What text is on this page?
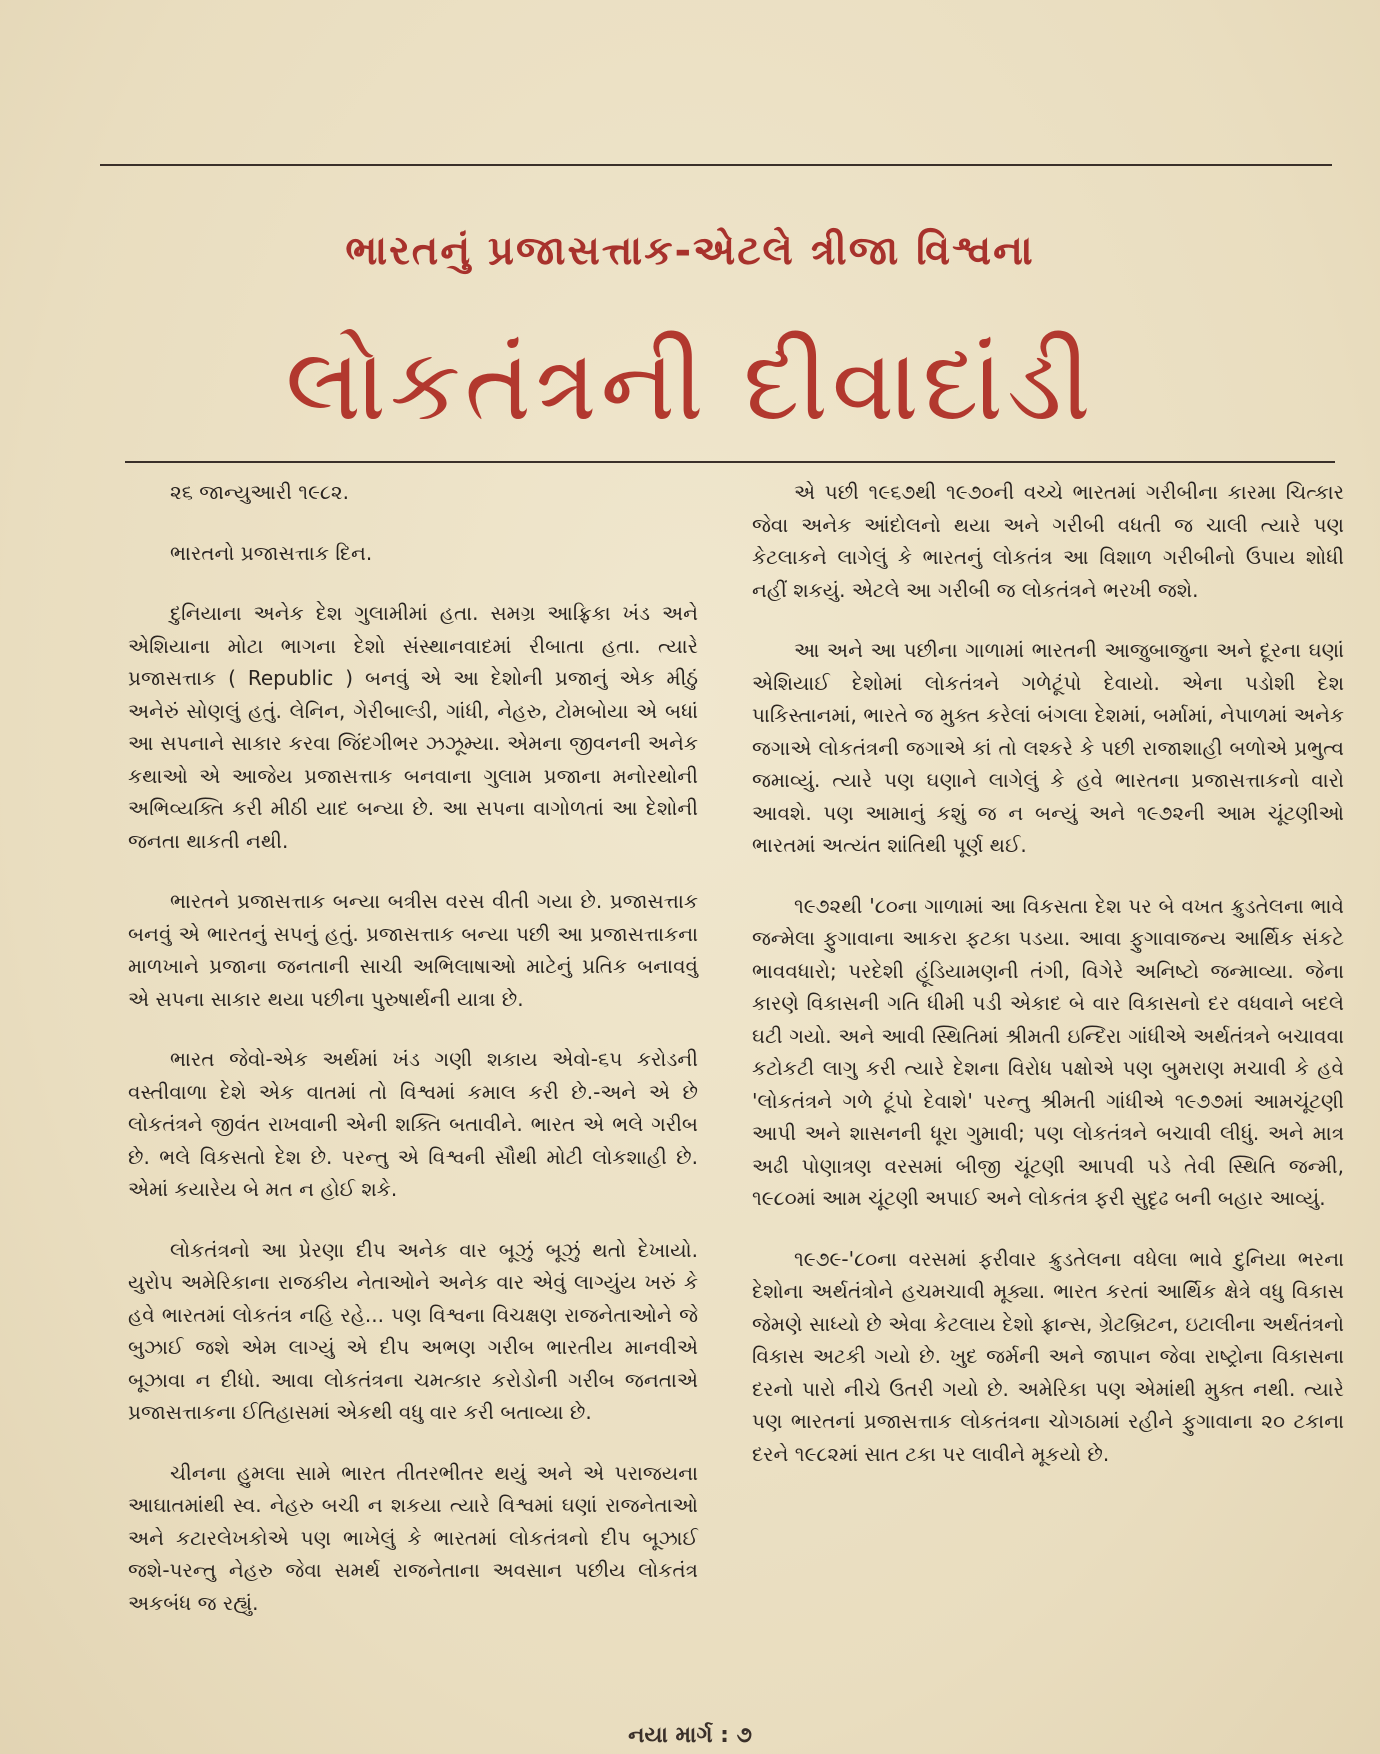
ભારતનું પ્રજાસત્તાક-એટલે ત્રીજા વિશ્વના
લોકતંત્રની દીવાદાંડી

૨૬ જાન્યુઆરી ૧૯૮૨.

ભારતનો પ્રજાસત્તાક દિન.

દુનિયાના અનેક દેશ ગુલામીમાં હતા. સમગ્ર આફ્રિકા ખંડ અને એશિયાના મોટા ભાગના દેશો સંસ્થાનવાદમાં રીબાતા હતા. ત્યારે પ્રજાસત્તાક ( Republic ) બનવું એ આ દેશોની પ્રજાનું એક મીઠું અનેરું સોણલું હતું. લેનિન, ગેરીબાલ્ડી, ગાંધી, નેહરુ, ટોમબોયા એ બધાં આ સપનાને સાકાર કરવા જિંદગીભર ઝઝૂમ્યા. એમના જીવનની અનેક કથાઓ એ આજેય પ્રજાસત્તાક બનવાના ગુલામ પ્રજાના મનોરથોની અભિવ્યક્તિ કરી મીઠી યાદ બન્યા છે. આ સપના વાગોળતાં આ દેશોની જનતા થાકતી નથી.

ભારતને પ્રજાસત્તાક બન્યા બત્રીસ વરસ વીતી ગયા છે. પ્રજાસત્તાક બનવું એ ભારતનું સપનું હતું. પ્રજાસત્તાક બન્યા પછી આ પ્રજાસત્તાકના માળખાને પ્રજાના જનતાની સાચી અભિલાષાઓ માટેનું પ્રતિક બનાવવું એ સપના સાકાર થયા પછીના પુરુષાર્થની યાત્રા છે.

ભારત જેવો-એક અર્થમાં ખંડ ગણી શકાય એવો-૬૫ કરોડની વસ્તીવાળા દેશે એક વાતમાં તો વિશ્વમાં કમાલ કરી છે.-અને એ છે લોકતંત્રને જીવંત રાખવાની એની શક્તિ બતાવીને. ભારત એ ભલે ગરીબ છે. ભલે વિકસતો દેશ છે. પરન્તુ એ વિશ્વની સૌથી મોટી લોકશાહી છે. એમાં કયારેય બે મત ન હોઈ શકે.

લોકતંત્રનો આ પ્રેરણા દીપ અનેક વાર બૂઝું બૂઝું થતો દેખાયો. યુરોપ અમેરિકાના રાજકીય નેતાઓને અનેક વાર એવું લાગ્યુંય ખરું કે હવે ભારતમાં લોકતંત્ર નહિ રહે... પણ વિશ્વના વિચક્ષણ રાજનેતાઓને જે બુઝાઈ જશે એમ લાગ્યું એ દીપ અભણ ગરીબ ભારતીય માનવીએ બૂઝાવા ન દીધો. આવા લોકતંત્રના ચમત્કાર કરોડોની ગરીબ જનતાએ પ્રજાસત્તાકના ઈતિહાસમાં એકથી વધુ વાર કરી બતાવ્યા છે.

ચીનના હુમલા સામે ભારત તીતરભીતર થયું અને એ પરાજયના આઘાતમાંથી સ્વ. નેહરુ બચી ન શકયા ત્યારે વિશ્વમાં ઘણાં રાજનેતાઓ અને કટારલેખકોએ પણ ભાખેલું કે ભારતમાં લોકતંત્રનો દીપ બૂઝાઈ જશે-પરન્તુ નેહરુ જેવા સમર્થ રાજનેતાના અવસાન પછીય લોકતંત્ર અકબંધ જ રહ્યું.

એ પછી ૧૯૬૭થી ૧૯૭૦ની વચ્ચે ભારતમાં ગરીબીના કારમા ચિત્કાર જેવા અનેક આંદોલનો થયા અને ગરીબી વધતી જ ચાલી ત્યારે પણ કેટલાકને લાગેલું કે ભારતનું લોકતંત્ર આ વિશાળ ગરીબીનો ઉપાય શોધી નહીં શકયું. એટલે આ ગરીબી જ લોકતંત્રને ભરખી જશે.

આ અને આ પછીના ગાળામાં ભારતની આજુબાજુના અને દૂરના ઘણાં એશિયાઈ દેશોમાં લોકતંત્રને ગળેટૂંપો દેવાયો. એના પડોશી દેશ પાકિસ્તાનમાં, ભારતે જ મુક્ત કરેલાં બંગલા દેશમાં, બર્મામાં, નેપાળમાં અનેક જગાએ લોકતંત્રની જગાએ કાં તો લશ્કરે કે પછી રાજાશાહી બળોએ પ્રભુત્વ જમાવ્યું. ત્યારે પણ ઘણાને લાગેલું કે હવે ભારતના પ્રજાસત્તાકનો વારો આવશે. પણ આમાનું કશું જ ન બન્યું અને ૧૯૭૨ની આમ ચૂંટણીઓ ભારતમાં અત્યંત શાંતિથી પૂર્ણ થઈ.

૧૯૭૨થી '૮૦ના ગાળામાં આ વિકસતા દેશ પર બે વખત ક્રુડતેલના ભાવે જન્મેલા ફુગાવાના આકરા ફટકા પડયા. આવા ફુગાવાજન્ય આર્થિક સંકટે ભાવવધારો; પરદેશી હૂંડિયામણની તંગી, વિગેરે અનિષ્ટો જન્માવ્યા. જેના કારણે વિકાસની ગતિ ધીમી પડી એકાદ બે વાર વિકાસનો દર વધવાને બદલે ઘટી ગયો. અને આવી સ્થિતિમાં શ્રીમતી ઇન્દિરા ગાંધીએ અર્થતંત્રને બચાવવા કટોકટી લાગુ કરી ત્યારે દેશના વિરોધ પક્ષોએ પણ બુમરાણ મચાવી કે હવે 'લોકતંત્રને ગળે ટૂંપો દેવાશે' પરન્તુ શ્રીમતી ગાંધીએ ૧૯૭૭માં આમચૂંટણી આપી અને શાસનની ધૂરા ગુમાવી; પણ લોકતંત્રને બચાવી લીધું. અને માત્ર અઢી પોણાત્રણ વરસમાં બીજી ચૂંટણી આપવી પડે તેવી સ્થિતિ જન્મી, ૧૯૮૦માં આમ ચૂંટણી અપાઈ અને લોકતંત્ર ફરી સુદૃઢ બની બહાર આવ્યું.

૧૯૭૯-'૮૦ના વરસમાં ફરીવાર ક્રુડતેલના વધેલા ભાવે દુનિયા ભરના દેશોના અર્થતંત્રોને હચમચાવી મૂક્યા. ભારત કરતાં આર્થિક ક્ષેત્રે વધુ વિકાસ જેમણે સાધ્યો છે એવા કેટલાય દેશો ફ્રાન્સ, ગ્રેટબ્રિટન, ઇટાલીના અર્થતંત્રનો વિકાસ અટકી ગયો છે. ખુદ જર્મની અને જાપાન જેવા રાષ્ટ્રોના વિકાસના દરનો પારો નીચે ઉતરી ગયો છે. અમેરિકા પણ એમાંથી મુક્ત નથી. ત્યારે પણ ભારતનાં પ્રજાસત્તાક લોકતંત્રના ચોગઠામાં રહીને ફુગાવાના ૨૦ ટકાના દરને ૧૯૮૨માં સાત ટકા પર લાવીને મૂકયો છે.

નયા માર્ગ : ૭
